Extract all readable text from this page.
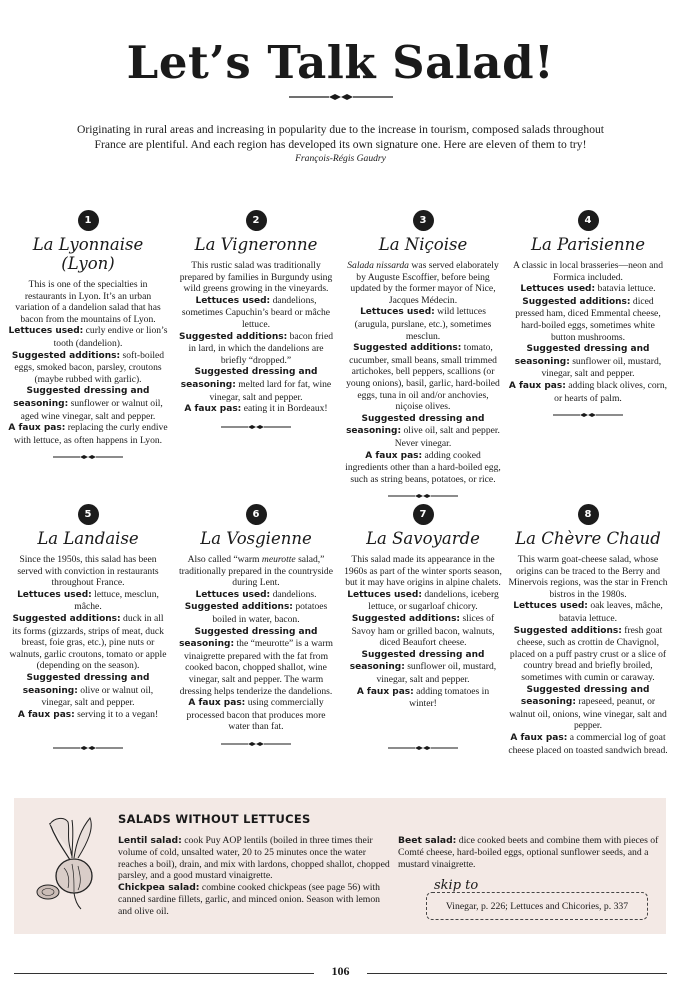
Let’s Talk Salad!
Originating in rural areas and increasing in popularity due to the increase in tourism, composed salads throughout France are plentiful. And each region has developed its own signature one. Here are eleven of them to try!
François-Régis Gaudry
1
La Lyonnaise (Lyon)

This is one of the specialties in restaurants in Lyon. It’s an urban variation of a dandelion salad that has bacon from the mountains of Lyon.

Lettuces used: curly endive or lion’s tooth (dandelion).

Suggested additions: soft-boiled eggs, smoked bacon, parsley, croutons (maybe rubbed with garlic).

Suggested dressing and seasoning: sunflower or walnut oil, aged wine vinegar, salt and pepper.

A faux pas: replacing the curly endive with lettuce, as often happens in Lyon.

2
La Vigneronne

This rustic salad was traditionally prepared by families in Burgundy using wild greens growing in the vineyards.

Lettuces used: dandelions, sometimes Capuchin’s beard or mâche lettuce.

Suggested additions: bacon fried in lard, in which the dandelions are briefly “dropped.”

Suggested dressing and seasoning: melted lard for fat, wine vinegar, salt and pepper.

A faux pas: eating it in Bordeaux!

3
La Niçoise

Salada nissarda was served elaborately by Auguste Escoffier, before being updated by the former mayor of Nice, Jacques Médecin.

Lettuces used: wild lettuces (arugula, purslane, etc.), sometimes mesclun.

Suggested additions: tomato, cucumber, small beans, small trimmed artichokes, bell peppers, scallions (or young onions), basil, garlic, hard-boiled eggs, tuna in oil and/or anchovies, niçoise olives.

Suggested dressing and seasoning: olive oil, salt and pepper. Never vinegar.

A faux pas: adding cooked ingredients other than a hard-boiled egg, such as string beans, potatoes, or rice.

4
La Parisienne

A classic in local brasseries—neon and Formica included.

Lettuces used: batavia lettuce.

Suggested additions: diced pressed ham, diced Emmental cheese, hard-boiled eggs, sometimes white button mushrooms.

Suggested dressing and seasoning: sunflower oil, mustard, vinegar, salt and pepper.

A faux pas: adding black olives, corn, or hearts of palm.

5
La Landaise

Since the 1950s, this salad has been served with conviction in restaurants throughout France.

Lettuces used: lettuce, mesclun, mâche.

Suggested additions: duck in all its forms (gizzards, strips of meat, duck breast, foie gras, etc.), pine nuts or walnuts, garlic croutons, tomato or apple (depending on the season).

Suggested dressing and seasoning: olive or walnut oil, vinegar, salt and pepper.

A faux pas: serving it to a vegan!

6
La Vosgienne

Also called “warm meurotte salad,” traditionally prepared in the countryside during Lent.

Lettuces used: dandelions.

Suggested additions: potatoes boiled in water, bacon.

Suggested dressing and seasoning: the “meurotte” is a warm vinaigrette prepared with the fat from cooked bacon, chopped shallot, wine vinegar, salt and pepper. The warm dressing helps tenderize the dandelions.

A faux pas: using commercially processed bacon that produces more water than fat.

7
La Savoyarde

This salad made its appearance in the 1960s as part of the winter sports season, but it may have origins in alpine chalets.

Lettuces used: dandelions, iceberg lettuce, or sugarloaf chicory.

Suggested additions: slices of Savoy ham or grilled bacon, walnuts, diced Beaufort cheese.

Suggested dressing and seasoning: sunflower oil, mustard, vinegar, salt and pepper.

A faux pas: adding tomatoes in winter!

8
La Chèvre Chaud

This warm goat-cheese salad, whose origins can be traced to the Berry and Minervois regions, was the star in French bistros in the 1980s.

Lettuces used: oak leaves, mâche, batavia lettuce.

Suggested additions: fresh goat cheese, such as crottin de Chavignol, placed on a puff pastry crust or a slice of country bread and briefly broiled, sometimes with cumin or caraway.

Suggested dressing and seasoning: rapeseed, peanut, or walnut oil, onions, wine vinegar, salt and pepper.

A faux pas: a commercial log of goat cheese placed on toasted sandwich bread.

SALADS WITHOUT LETTUCES

Lentil salad: cook Puy AOP lentils (boiled in three times their volume of cold, unsalted water, 20 to 25 minutes once the water reaches a boil), drain, and mix with lardons, chopped shallot, chopped parsley, and a good mustard vinaigrette.

Chickpea salad: combine cooked chickpeas (see page 56) with canned sardine fillets, garlic, and minced onion. Season with lemon and olive oil.

Beet salad: dice cooked beets and combine them with pieces of Comté cheese, hard-boiled eggs, optional sunflower seeds, and a mustard vinaigrette.

skip to
Vinegar, p. 226; Lettuces and Chicories, p. 337
106
